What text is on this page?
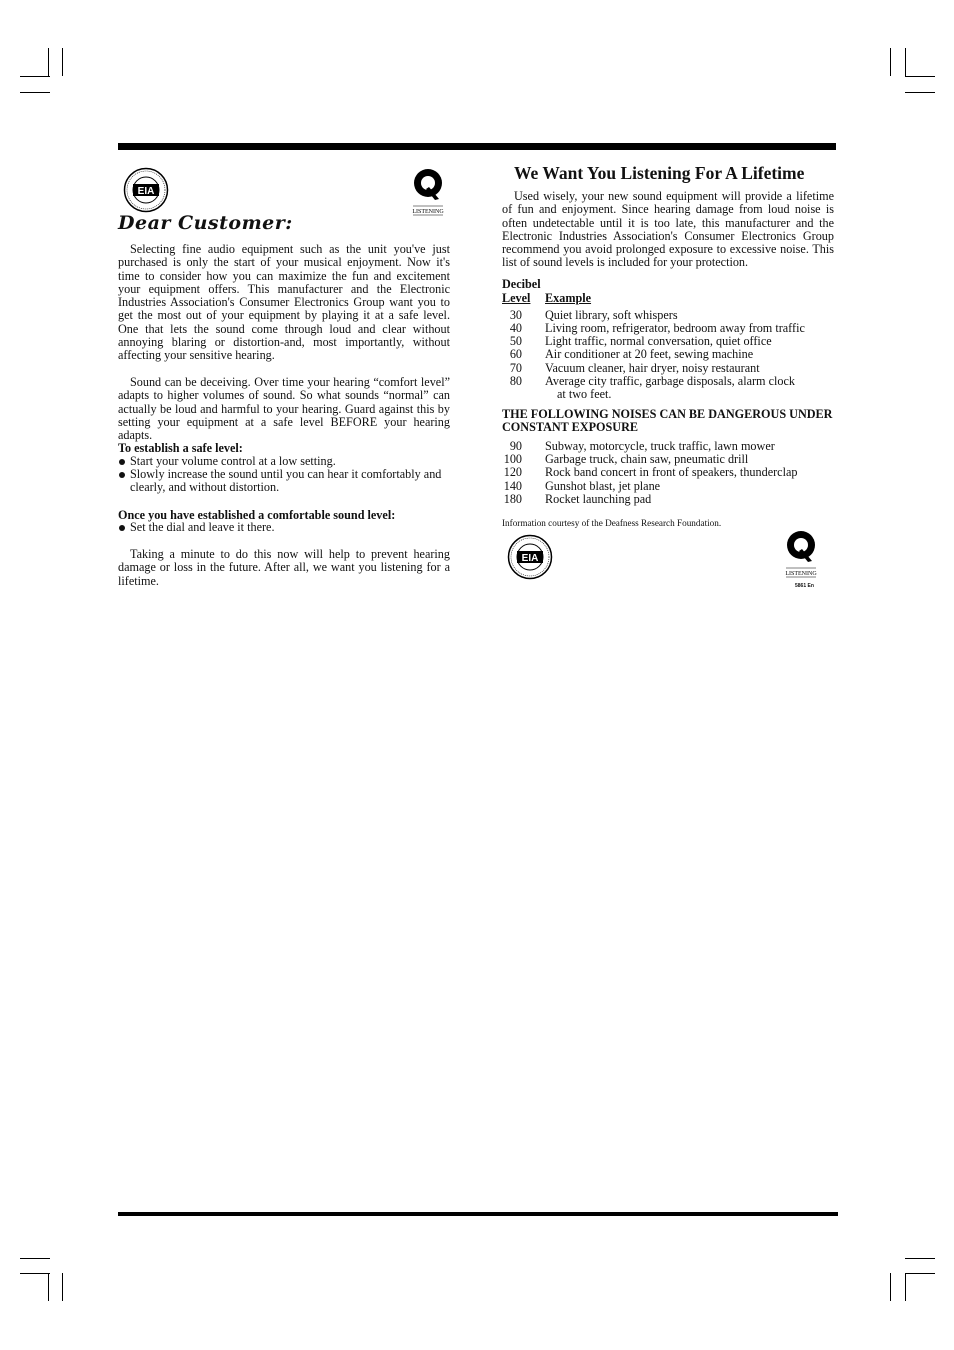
EIA
LISTENING
Dear Customer:

Selecting fine audio equipment such as the unit you've just purchased is only the start of your musical enjoyment. Now it's time to consider how you can maximize the fun and excitement your equipment offers. This manufacturer and the Electronic Industries Association's Consumer Electronics Group want you to get the most out of your equipment by playing it at a safe level. One that lets the sound come through loud and clear without annoying blaring or distortion-and, most importantly, without affecting your sensitive hearing.

Sound can be deceiving. Over time your hearing “comfort level” adapts to higher volumes of sound. So what sounds “normal” can actually be loud and harmful to your hearing. Guard against this by setting your equipment at a safe level BEFORE your hearing adapts.

To establish a safe level:

Start your volume control at a low setting.

Slowly increase the sound until you can hear it comfortably and clearly, and without distortion.

Once you have established a comfortable sound level:

Set the dial and leave it there.

Taking a minute to do this now will help to prevent hearing damage or loss in the future. After all, we want you listening for a lifetime.

We Want You Listening For A Lifetime

Used wisely, your new sound equipment will provide a lifetime of fun and enjoyment. Since hearing damage from loud noise is often undetectable until it is too late, this manufacturer and the Electronic Industries Association's Consumer Electronics Group recommend you avoid prolonged exposure to excessive noise. This list of sound levels is included for your protection.

Decibel
Level Example
30 Quiet library, soft whispers
40 Living room, refrigerator, bedroom away from traffic
50 Light traffic, normal conversation, quiet office
60 Air conditioner at 20 feet, sewing machine
70 Vacuum cleaner, hair dryer, noisy restaurant
80 Average city traffic, garbage disposals, alarm clock
at two feet.

THE FOLLOWING NOISES CAN BE DANGEROUS UNDER CONSTANT EXPOSURE

90 Subway, motorcycle, truck traffic, lawn mower
100 Garbage truck, chain saw, pneumatic drill
120 Rock band concert in front of speakers, thunderclap
140 Gunshot blast, jet plane
180 Rocket launching pad
Information courtesy of the Deafness Research Foundation.
EIA
LISTENING
5861 En
